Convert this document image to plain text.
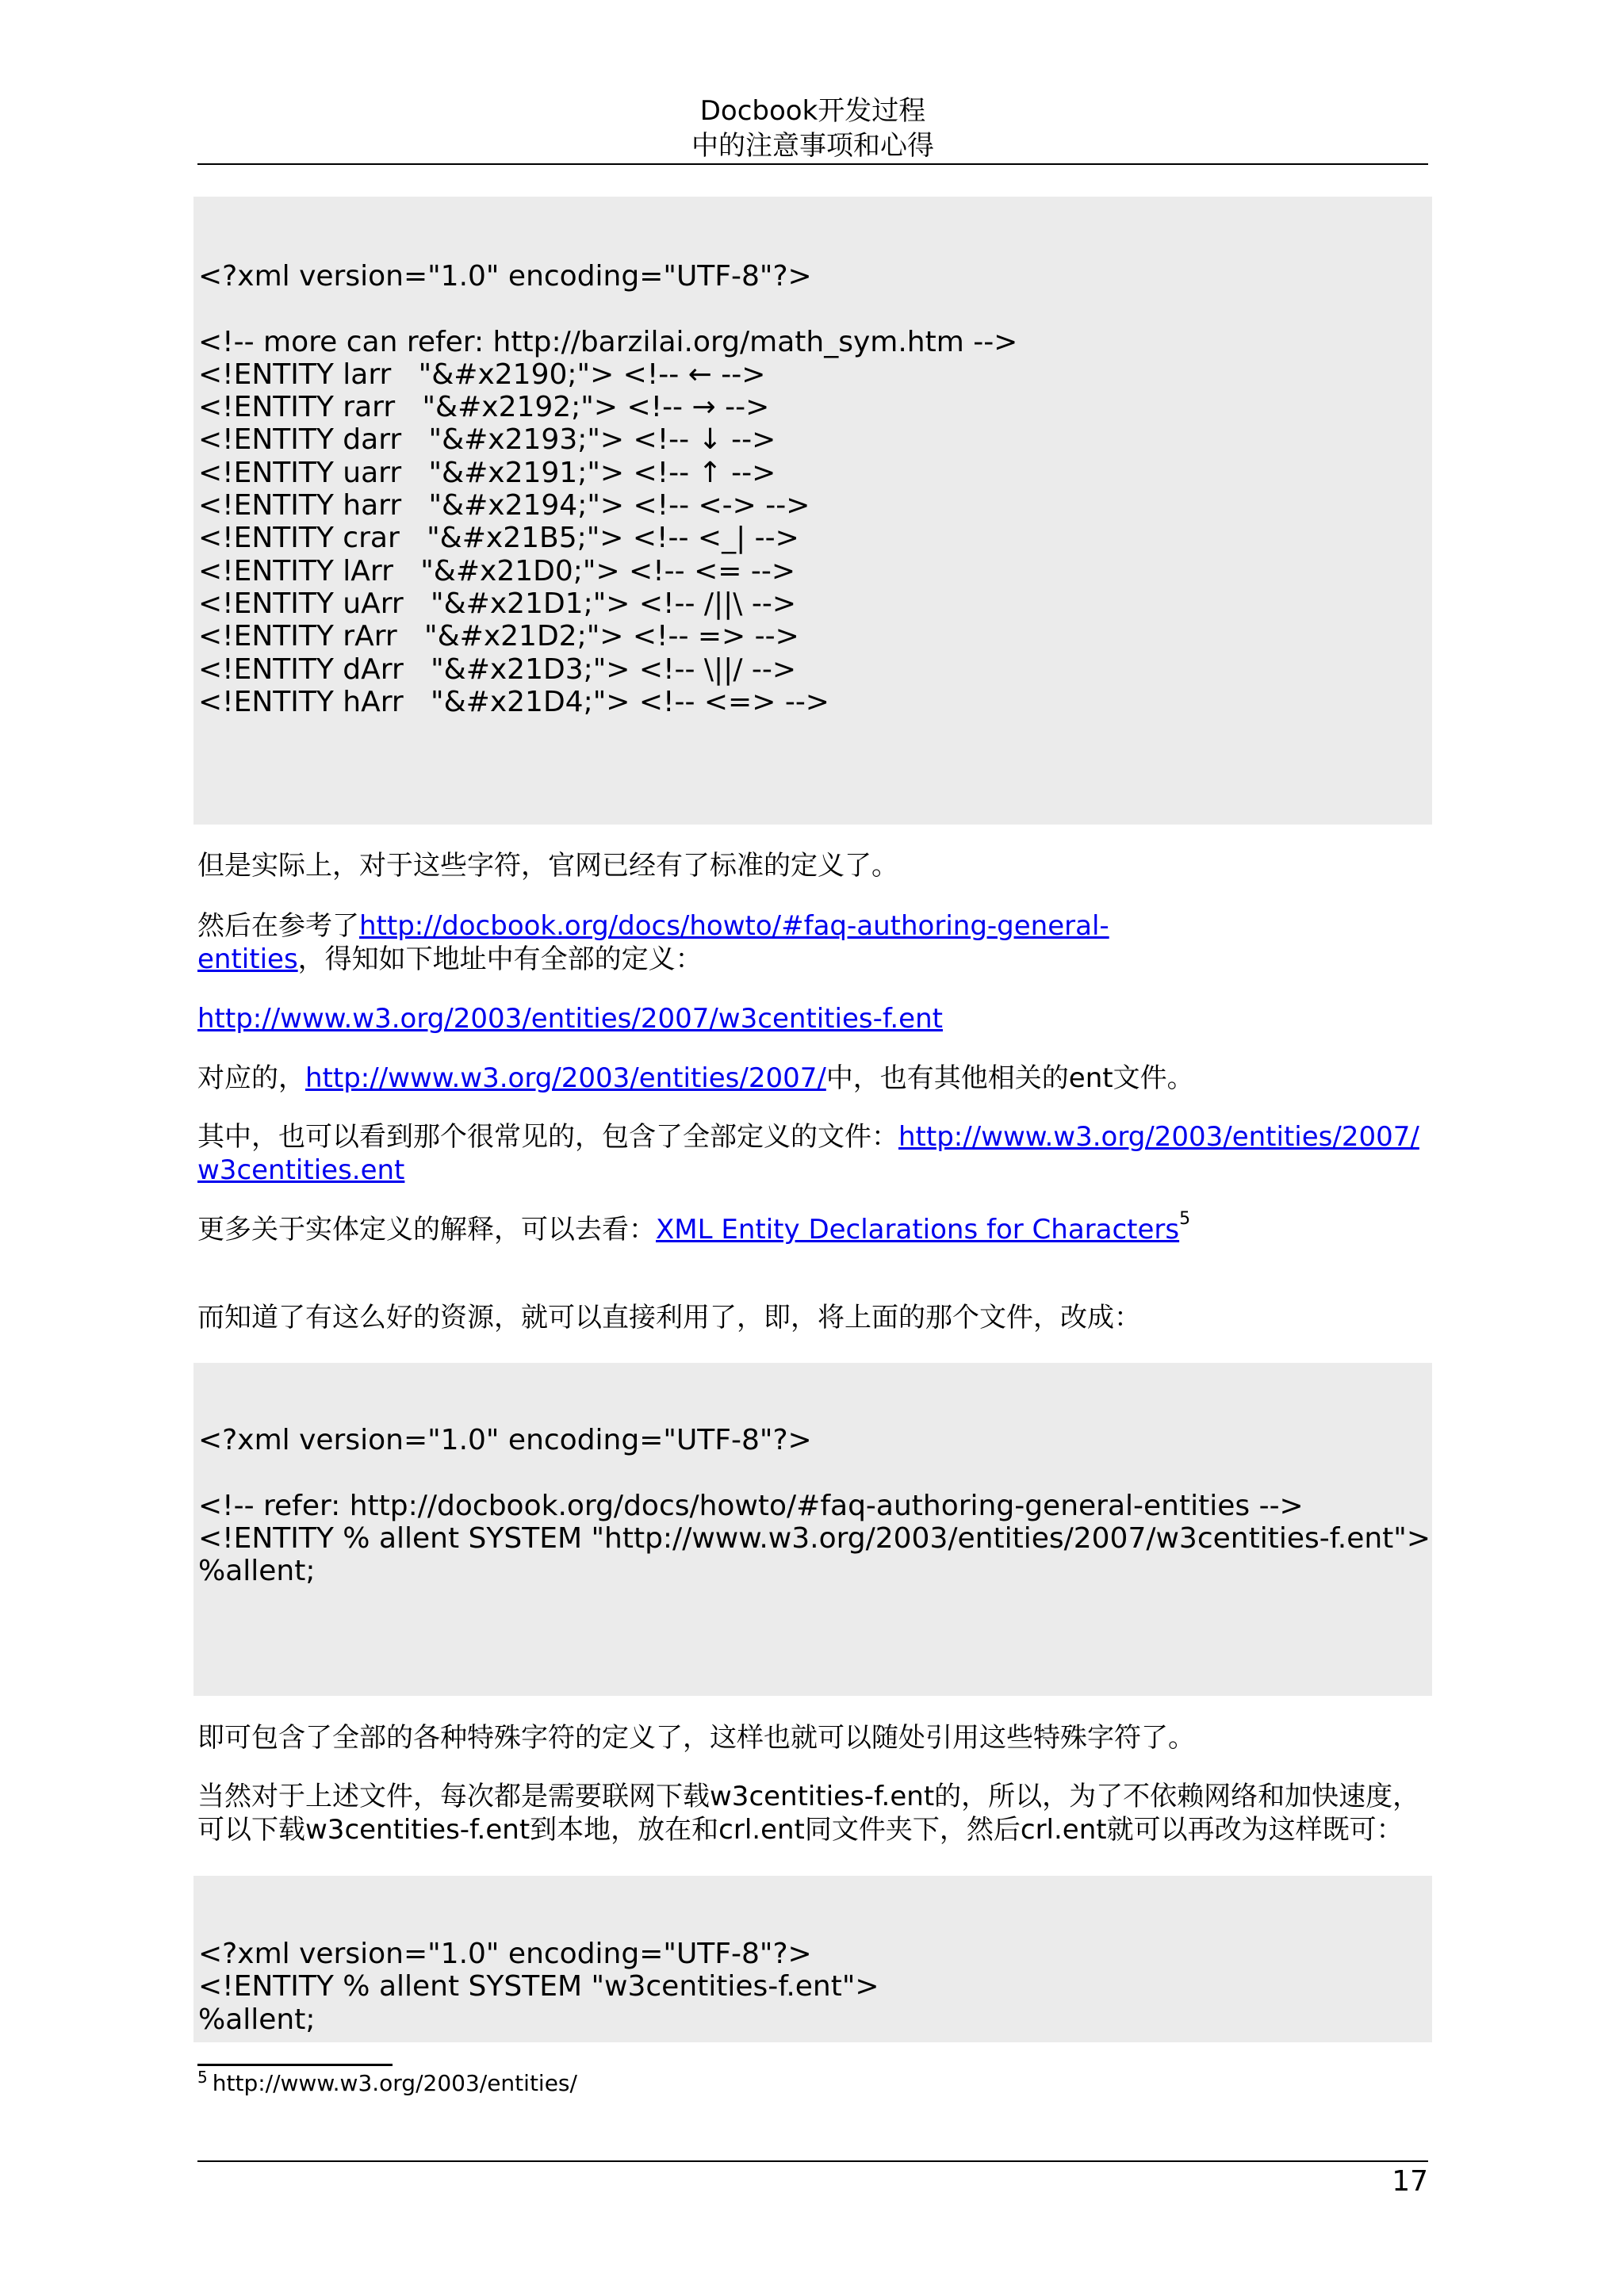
Docbook开发过程
中的注意事项和心得
<?xml version="1.0" encoding="UTF-8"?>
<!-- more can refer: http://barzilai.org/math_sym.htm -->
<!ENTITY larr   "&#x2190;"> <!-- ← -->
<!ENTITY rarr   "&#x2192;"> <!-- → -->
<!ENTITY darr   "&#x2193;"> <!-- ↓ -->
<!ENTITY uarr   "&#x2191;"> <!-- ↑ -->
<!ENTITY harr   "&#x2194;"> <!-- <-> -->
<!ENTITY crar   "&#x21B5;"> <!-- <_| -->
<!ENTITY lArr   "&#x21D0;"> <!-- <= -->
<!ENTITY uArr   "&#x21D1;"> <!-- /||\ -->
<!ENTITY rArr   "&#x21D2;"> <!-- => -->
<!ENTITY dArr   "&#x21D3;"> <!-- \||/ -->
<!ENTITY hArr   "&#x21D4;"> <!-- <=> -->
但是实际上，对于这些字符，官网已经有了标准的定义了。
然后在参考了http://docbook.org/docs/howto/#faq-authoring-general-
entities，得知如下地址中有全部的定义：
http://www.w3.org/2003/entities/2007/w3centities-f.ent
对应的，http://www.w3.org/2003/entities/2007/中，也有其他相关的ent文件。
其中，也可以看到那个很常见的，包含了全部定义的文件：http://www.w3.org/2003/entities/2007/
w3centities.ent
更多关于实体定义的解释，可以去看：XML Entity Declarations for Characters$^5$
而知道了有这么好的资源，就可以直接利用了，即，将上面的那个文件，改成：
<?xml version="1.0" encoding="UTF-8"?>
<!-- refer: http://docbook.org/docs/howto/#faq-authoring-general-entities -->
<!ENTITY % allent SYSTEM "http://www.w3.org/2003/entities/2007/w3centities-f.ent">
%allent;
即可包含了全部的各种特殊字符的定义了，这样也就可以随处引用这些特殊字符了。
当然对于上述文件，每次都是需要联网下载w3centities-f.ent的，所以，为了不依赖网络和加快速度，
可以下载w3centities-f.ent到本地，放在和crl.ent同文件夹下，然后crl.ent就可以再改为这样既可：
<?xml version="1.0" encoding="UTF-8"?>
<!ENTITY % allent SYSTEM "w3centities-f.ent">
%allent;
$^5$ http://www.w3.org/2003/entities/
17
